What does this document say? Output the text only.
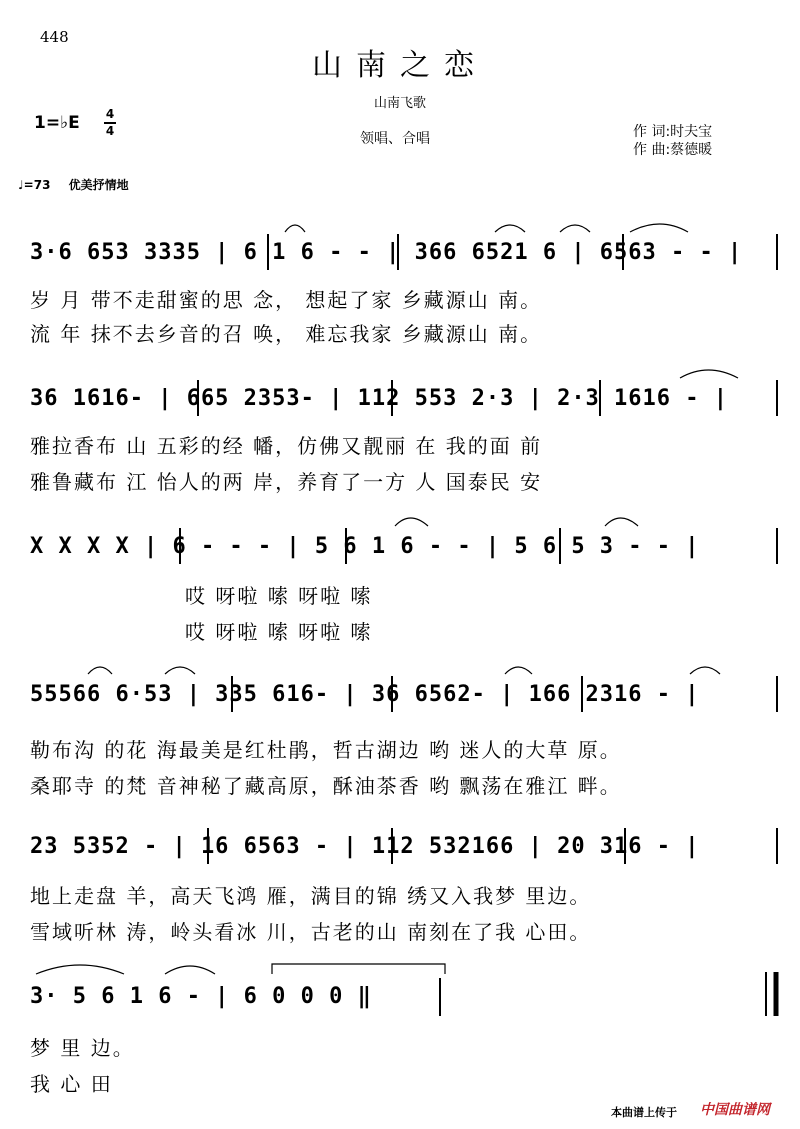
448
山南之恋
山南飞歌
领唱、合唱	作 词:时夫宝
作 曲:蔡德暖
1=♭E 4
4
♩=73 优美抒情地
3·6 653 3335 | 6 1 6 - - | 366 6521 6 | 6563 - - |
岁 月 带不走甜蜜的思 念， 想起了家 乡藏源山 南。
流 年 抹不去乡音的召 唤， 难忘我家 乡藏源山 南。
36 1616- | 665 2353- | 112 553 2·3 | 2·3 1616 - |
雅拉香布 山 五彩的经 幡，仿佛又靓丽 在 我的面 前
雅鲁藏布 江 怡人的两 岸，养育了一方 人 国泰民 安
X X X X | 6 - - - | 5 6 1 6 - - | 5 6 5 3 - - |
哎 呀啦 嗦 呀啦 嗦
哎 呀啦 嗦 呀啦 嗦
55566 6·53 | 335 616- | 36 6562- | 166 2316 - |
勒布沟 的花 海最美是红杜鹃，哲古湖边 哟 迷人的大草 原。
桑耶寺 的梵 音神秘了藏高原，酥油茶香 哟 飘荡在雅江 畔。
23 5352 - | 16 6563 - | 112 532166 | 20 316 - |
地上走盘 羊，高天飞鸿 雁，满目的锦 绣又入我梦 里边。
雪域听林 涛，岭头看冰 川，古老的山 南刻在了我 心田。
3· 5 6 1 6 - | 6 0 0 0 ‖
梦 里 边。
我 心 田
本曲谱上传于 中国曲谱网
